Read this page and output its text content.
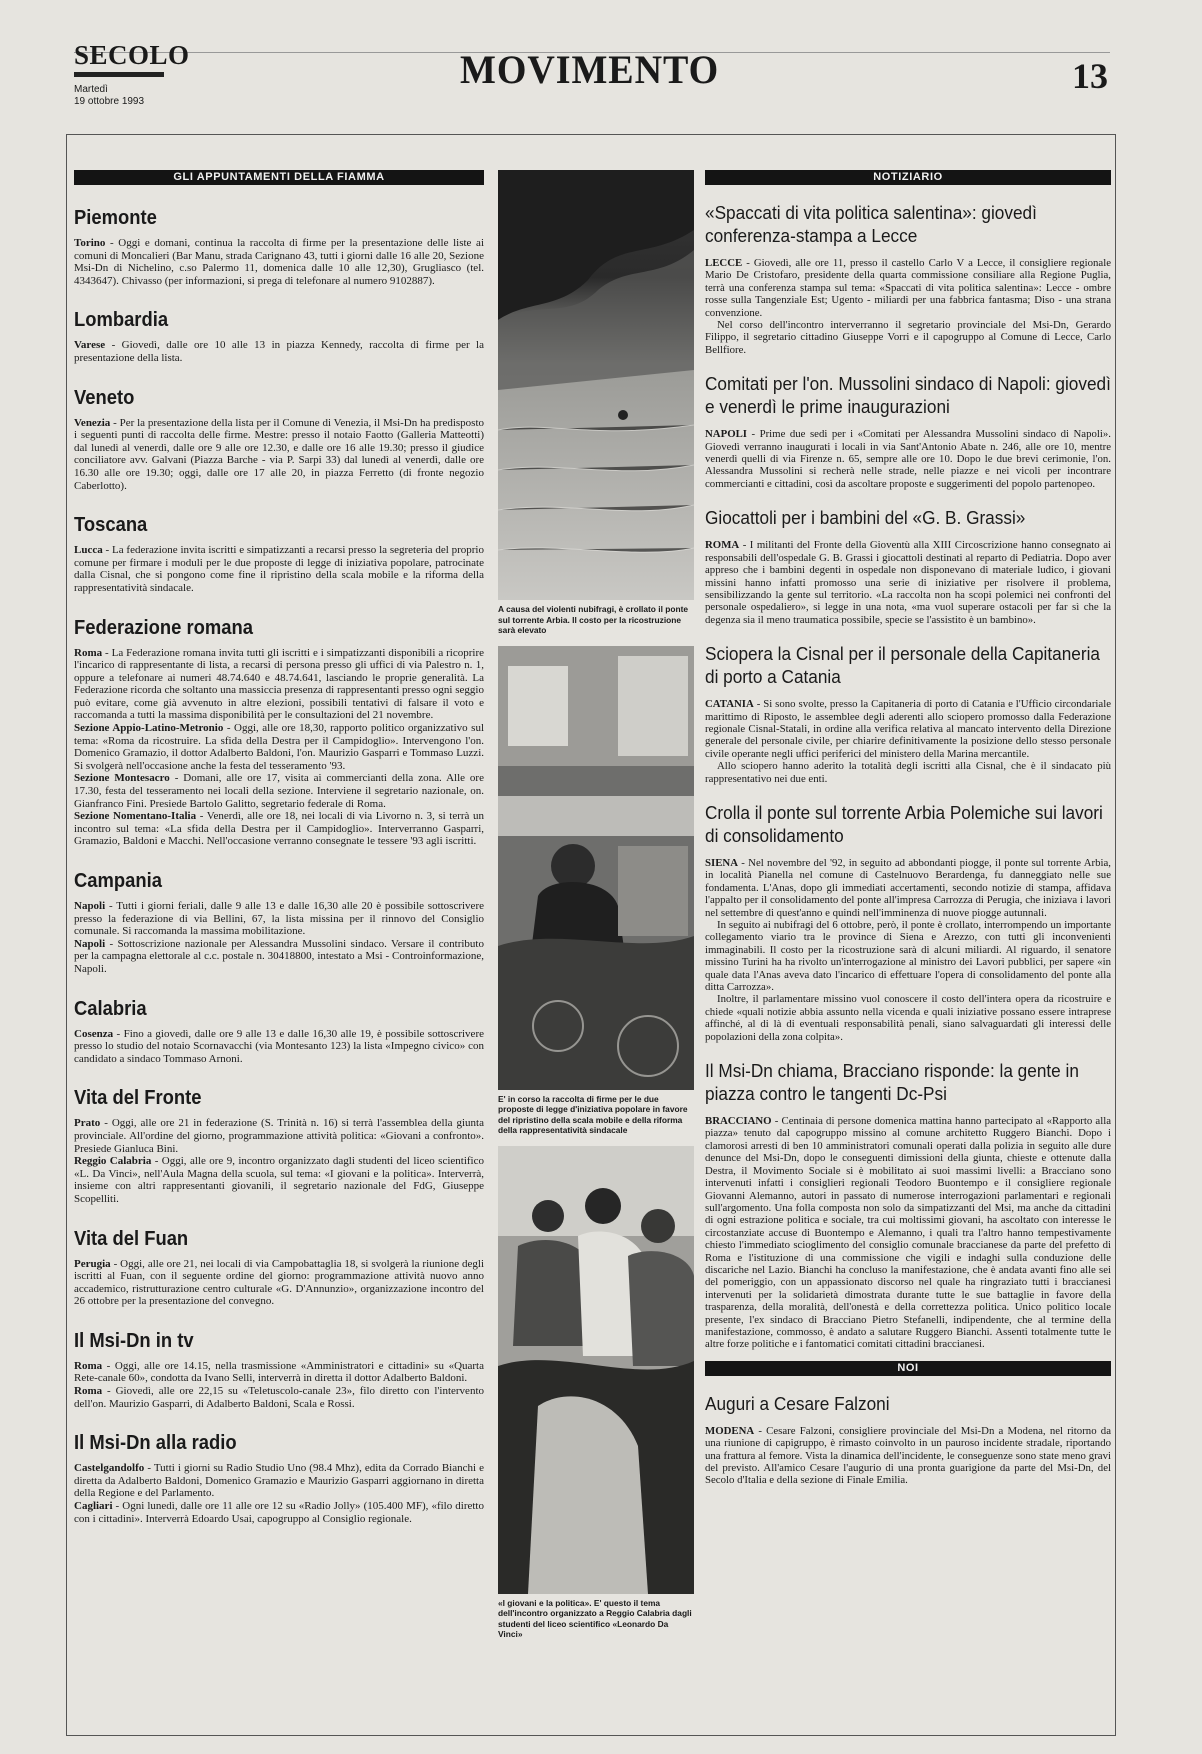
SECOLO
Martedì
19 ottobre 1993
MOVIMENTO	13
GLI APPUNTAMENTI DELLA FIAMMA
Piemonte

Torino - Oggi e domani, continua la raccolta di firme per la presentazione delle liste ai comuni di Moncalieri (Bar Manu, strada Carignano 43, tutti i giorni dalle 16 alle 20, Sezione Msi-Dn di Nichelino, c.so Palermo 11, domenica dalle 10 alle 12,30), Grugliasco (tel. 4343647). Chivasso (per informazioni, si prega di telefonare al numero 9102887).

Lombardia

Varese - Giovedì, dalle ore 10 alle 13 in piazza Kennedy, raccolta di firme per la presentazione della lista.

Veneto

Venezia - Per la presentazione della lista per il Comune di Venezia, il Msi-Dn ha predisposto i seguenti punti di raccolta delle firme. Mestre: presso il notaio Faotto (Galleria Matteotti) dal lunedì al venerdì, dalle ore 9 alle ore 12.30, e dalle ore 16 alle 19.30; presso il giudice conciliatore avv. Galvani (Piazza Barche - via P. Sarpi 33) dal lunedì al venerdì, dalle ore 16.30 alle ore 19.30; oggi, dalle ore 17 alle 20, in piazza Ferretto (di fronte negozio Caberlotto).

Toscana

Lucca - La federazione invita iscritti e simpatizzanti a recarsi presso la segreteria del proprio comune per firmare i moduli per le due proposte di legge di iniziativa popolare, patrocinate dalla Cisnal, che si pongono come fine il ripristino della scala mobile e la riforma della rappresentatività sindacale.

Federazione romana

Roma - La Federazione romana invita tutti gli iscritti e i simpatizzanti disponibili a ricoprire l'incarico di rappresentante di lista, a recarsi di persona presso gli uffici di via Palestro n. 1, oppure a telefonare ai numeri 48.74.640 e 48.74.641, lasciando le proprie generalità. La Federazione ricorda che soltanto una massiccia presenza di rappresentanti presso ogni seggio può evitare, come già avvenuto in altre elezioni, possibili tentativi di falsare il voto e raccomanda a tutti la massima disponibilità per le consultazioni del 21 novembre.

Sezione Appio-Latino-Metronio - Oggi, alle ore 18,30, rapporto politico organizzativo sul tema: «Roma da ricostruire. La sfida della Destra per il Campidoglio». Intervengono l'on. Domenico Gramazio, il dottor Adalberto Baldoni, l'on. Maurizio Gasparri e Tommaso Luzzi. Si svolgerà nell'occasione anche la festa del tesseramento '93.

Sezione Montesacro - Domani, alle ore 17, visita ai commercianti della zona. Alle ore 17.30, festa del tesseramento nei locali della sezione. Interviene il segretario nazionale, on. Gianfranco Fini. Presiede Bartolo Galitto, segretario federale di Roma.

Sezione Nomentano-Italia - Venerdì, alle ore 18, nei locali di via Livorno n. 3, si terrà un incontro sul tema: «La sfida della Destra per il Campidoglio». Interverranno Gasparri, Gramazio, Baldoni e Macchi. Nell'occasione verranno consegnate le tessere '93 agli iscritti.

Campania

Napoli - Tutti i giorni feriali, dalle 9 alle 13 e dalle 16,30 alle 20 è possibile sottoscrivere presso la federazione di via Bellini, 67, la lista missina per il rinnovo del Consiglio comunale. Si raccomanda la massima mobilitazione.

Napoli - Sottoscrizione nazionale per Alessandra Mussolini sindaco. Versare il contributo per la campagna elettorale al c.c. postale n. 30418800, intestato a Msi - Controinformazione, Napoli.

Calabria

Cosenza - Fino a giovedì, dalle ore 9 alle 13 e dalle 16,30 alle 19, è possibile sottoscrivere presso lo studio del notaio Scornavacchi (via Montesanto 123) la lista «Impegno civico» con candidato a sindaco Tommaso Arnoni.

Vita del Fronte

Prato - Oggi, alle ore 21 in federazione (S. Trinità n. 16) si terrà l'assemblea della giunta provinciale. All'ordine del giorno, programmazione attività politica: «Giovani a confronto». Presiede Gianluca Bini.

Reggio Calabria - Oggi, alle ore 9, incontro organizzato dagli studenti del liceo scientifico «L. Da Vinci», nell'Aula Magna della scuola, sul tema: «I giovani e la politica». Interverrà, insieme con altri rappresentanti giovanili, il segretario nazionale del FdG, Giuseppe Scopelliti.

Vita del Fuan

Perugia - Oggi, alle ore 21, nei locali di via Campobattaglia 18, si svolgerà la riunione degli iscritti al Fuan, con il seguente ordine del giorno: programmazione attività nuovo anno accademico, ristrutturazione centro culturale «G. D'Annunzio», organizzazione incontro del 26 ottobre per la presentazione del convegno.

Il Msi-Dn in tv

Roma - Oggi, alle ore 14.15, nella trasmissione «Amministratori e cittadini» su «Quarta Rete-canale 60», condotta da Ivano Selli, interverrà in diretta il dottor Adalberto Baldoni.

Roma - Giovedì, alle ore 22,15 su «Teletuscolo-canale 23», filo diretto con l'intervento dell'on. Maurizio Gasparri, di Adalberto Baldoni, Scala e Rossi.

Il Msi-Dn alla radio

Castelgandolfo - Tutti i giorni su Radio Studio Uno (98.4 Mhz), edita da Corrado Bianchi e diretta da Adalberto Baldoni, Domenico Gramazio e Maurizio Gasparri aggiornano in diretta della Regione e del Parlamento.

Cagliari - Ogni lunedì, dalle ore 11 alle ore 12 su «Radio Jolly» (105.400 MF), «filo diretto con i cittadini». Interverrà Edoardo Usai, capogruppo al Consiglio regionale.

A causa del violenti nubifragi, è crollato il ponte sul torrente Arbia. Il costo per la ricostruzione sarà elevato
E' in corso la raccolta di firme per le due proposte di legge d'iniziativa popolare in favore del ripristino della scala mobile e della riforma della rappresentatività sindacale
«I giovani e la politica». E' questo il tema dell'incontro organizzato a Reggio Calabria dagli studenti del liceo scientifico «Leonardo Da Vinci»
NOTIZIARIO
«Spaccati di vita politica salentina»: giovedì conferenza-stampa a Lecce

LECCE - Giovedì, alle ore 11, presso il castello Carlo V a Lecce, il consigliere regionale Mario De Cristofaro, presidente della quarta commissione consiliare alla Regione Puglia, terrà una conferenza stampa sul tema: «Spaccati di vita politica salentina»: Lecce - ombre rosse sulla Tangenziale Est; Ugento - miliardi per una fabbrica fantasma; Diso - una strana convenzione.

Nel corso dell'incontro interverranno il segretario provinciale del Msi-Dn, Gerardo Filippo, il segretario cittadino Giuseppe Vorri e il capogruppo al Comune di Lecce, Carlo Bellfiore.

Comitati per l'on. Mussolini sindaco di Napoli: giovedì e venerdì le prime inaugurazioni

NAPOLI - Prime due sedi per i «Comitati per Alessandra Mussolini sindaco di Napoli». Giovedì verranno inaugurati i locali in via Sant'Antonio Abate n. 246, alle ore 10, mentre venerdì quelli di via Firenze n. 65, sempre alle ore 10. Dopo le due brevi cerimonie, l'on. Alessandra Mussolini si recherà nelle strade, nelle piazze e nei vicoli per incontrare commercianti e cittadini, così da ascoltare proposte e suggerimenti del popolo partenopeo.

Giocattoli per i bambini del «G. B. Grassi»

ROMA - I militanti del Fronte della Gioventù alla XIII Circoscrizione hanno consegnato ai responsabili dell'ospedale G. B. Grassi i giocattoli destinati al reparto di Pediatria. Dopo aver appreso che i bambini degenti in ospedale non disponevano di materiale ludico, i giovani missini hanno infatti promosso una serie di iniziative per risolvere il problema, sensibilizzando la gente sul territorio. «La raccolta non ha scopi polemici nei confronti del personale ospedaliero», si legge in una nota, «ma vuol superare ostacoli per far sì che la degenza sia il meno traumatica possibile, specie se l'assistito è un bambino».

Sciopera la Cisnal per il personale della Capitaneria di porto a Catania

CATANIA - Si sono svolte, presso la Capitaneria di porto di Catania e l'Ufficio circondariale marittimo di Riposto, le assemblee degli aderenti allo sciopero promosso dalla Federazione regionale Cisnal-Statali, in ordine alla verifica relativa al mancato intervento della Direzione generale del personale civile, per chiarire definitivamente la posizione dello stesso personale civile operante negli uffici periferici del ministero della Marina mercantile.

Allo sciopero hanno aderito la totalità degli iscritti alla Cisnal, che è il sindacato più rappresentativo nei due enti.

Crolla il ponte sul torrente Arbia Polemiche sui lavori di consolidamento

SIENA - Nel novembre del '92, in seguito ad abbondanti piogge, il ponte sul torrente Arbia, in località Pianella nel comune di Castelnuovo Berardenga, fu danneggiato nelle sue fondamenta. L'Anas, dopo gli immediati accertamenti, secondo notizie di stampa, affidava l'appalto per il consolidamento del ponte all'impresa Carrozza di Perugia, che iniziava i lavori nel settembre di quest'anno e quindi nell'imminenza di nuove piogge autunnali.

In seguito ai nubifragi del 6 ottobre, però, il ponte è crollato, interrompendo un importante collegamento viario tra le province di Siena e Arezzo, con tutti gli inconvenienti immaginabili. Il costo per la ricostruzione sarà di alcuni miliardi. Al riguardo, il senatore missino Turini ha ha rivolto un'interrogazione al ministro dei Lavori pubblici, per sapere «in quale data l'Anas aveva dato l'incarico di effettuare l'opera di consolidamento del ponte alla ditta Carrozza».

Inoltre, il parlamentare missino vuol conoscere il costo dell'intera opera da ricostruire e chiede «quali notizie abbia assunto nella vicenda e quali iniziative possano essere intraprese affinché, al di là di eventuali responsabilità penali, siano salvaguardati gli interessi delle popolazioni della zona colpita».

Il Msi-Dn chiama, Bracciano risponde: la gente in piazza contro le tangenti Dc-Psi

BRACCIANO - Centinaia di persone domenica mattina hanno partecipato al «Rapporto alla piazza» tenuto dal capogruppo missino al comune architetto Ruggero Bianchi. Dopo i clamorosi arresti di ben 10 amministratori comunali operati dalla polizia in seguito alle dure denunce del Msi-Dn, dopo le conseguenti dimissioni della giunta, chieste e ottenute dalla Destra, il Movimento Sociale si è mobilitato ai suoi massimi livelli: a Bracciano sono intervenuti infatti i consiglieri regionali Teodoro Buontempo e il consigliere regionale Giovanni Alemanno, autori in passato di numerose interrogazioni parlamentari e regionali sull'argomento. Una folla composta non solo da simpatizzanti del Msi, ma anche da cittadini di ogni estrazione politica e sociale, tra cui moltissimi giovani, ha ascoltato con interesse le circostanziate accuse di Buontempo e Alemanno, i quali tra l'altro hanno tempestivamente chiesto l'immediato scioglimento del consiglio comunale braccianese da parte del prefetto di Roma e l'istituzione di una commissione che vigili e indaghi sulla conduzione delle discariche nel Lazio. Bianchi ha concluso la manifestazione, che è andata avanti fino alle sei del pomeriggio, con un appassionato discorso nel quale ha ringraziato tutti i braccianesi intervenuti per la solidarietà dimostrata durante tutte le sue battaglie in favore della trasparenza, della moralità, dell'onestà e della correttezza politica. Unico politico locale presente, l'ex sindaco di Bracciano Pietro Stefanelli, indipendente, che al termine della manifestazione, commosso, è andato a salutare Ruggero Bianchi. Assenti totalmente tutte le altre forze politiche e i fantomatici comitati cittadini braccianesi.

NOI
Auguri a Cesare Falzoni

MODENA - Cesare Falzoni, consigliere provinciale del Msi-Dn a Modena, nel ritorno da una riunione di capigruppo, è rimasto coinvolto in un pauroso incidente stradale, riportando una frattura al femore. Vista la dinamica dell'incidente, le conseguenze sono state meno gravi del previsto. All'amico Cesare l'augurio di una pronta guarigione da parte del Msi-Dn, del Secolo d'Italia e della sezione di Finale Emilia.
